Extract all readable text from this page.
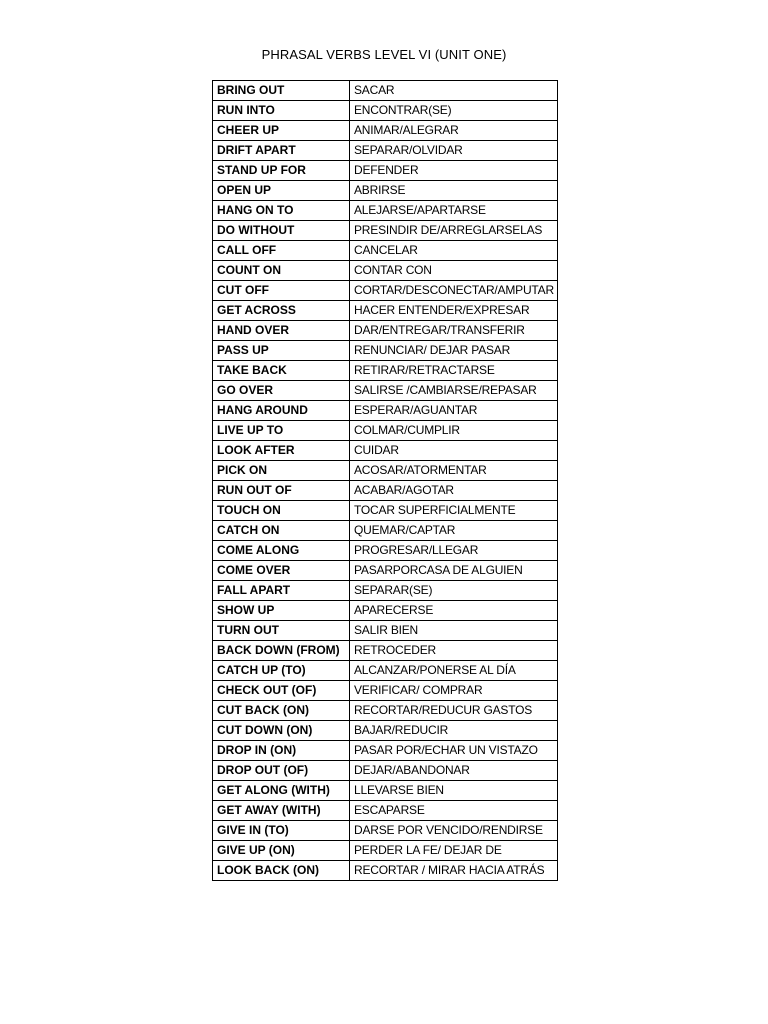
PHRASAL VERBS LEVEL VI (UNIT ONE)
BRING OUT	SACAR
RUN INTO	ENCONTRAR(SE)
CHEER UP	ANIMAR/ALEGRAR
DRIFT APART	SEPARAR/OLVIDAR
STAND UP FOR	DEFENDER
OPEN UP	ABRIRSE
HANG ON TO	ALEJARSE/APARTARSE
DO WITHOUT	PRESINDIR DE/ARREGLARSELAS
CALL OFF	CANCELAR
COUNT ON	CONTAR CON
CUT OFF	CORTAR/DESCONECTAR/AMPUTAR
GET ACROSS	HACER ENTENDER/EXPRESAR
HAND OVER	DAR/ENTREGAR/TRANSFERIR
PASS UP	RENUNCIAR/ DEJAR PASAR
TAKE BACK	RETIRAR/RETRACTARSE
GO OVER	SALIRSE /CAMBIARSE/REPASAR
HANG AROUND	ESPERAR/AGUANTAR
LIVE UP TO	COLMAR/CUMPLIR
LOOK AFTER	CUIDAR
PICK ON	ACOSAR/ATORMENTAR
RUN OUT OF	ACABAR/AGOTAR
TOUCH ON	TOCAR SUPERFICIALMENTE
CATCH ON	QUEMAR/CAPTAR
COME ALONG	PROGRESAR/LLEGAR
COME OVER	PASARPORCASA DE ALGUIEN
FALL APART	SEPARAR(SE)
SHOW UP	APARECERSE
TURN OUT	SALIR BIEN
BACK DOWN (FROM)	RETROCEDER
CATCH UP (TO)	ALCANZAR/PONERSE AL DÍA
CHECK OUT (OF)	VERIFICAR/ COMPRAR
CUT BACK (ON)	RECORTAR/REDUCUR GASTOS
CUT DOWN (ON)	BAJAR/REDUCIR
DROP IN (ON)	PASAR POR/ECHAR UN VISTAZO
DROP OUT (OF)	DEJAR/ABANDONAR
GET ALONG (WITH)	LLEVARSE BIEN
GET AWAY (WITH)	ESCAPARSE
GIVE IN (TO)	DARSE POR VENCIDO/RENDIRSE
GIVE UP (ON)	PERDER LA FE/ DEJAR DE
LOOK BACK (ON)	RECORTAR / MIRAR HACIA ATRÁS
